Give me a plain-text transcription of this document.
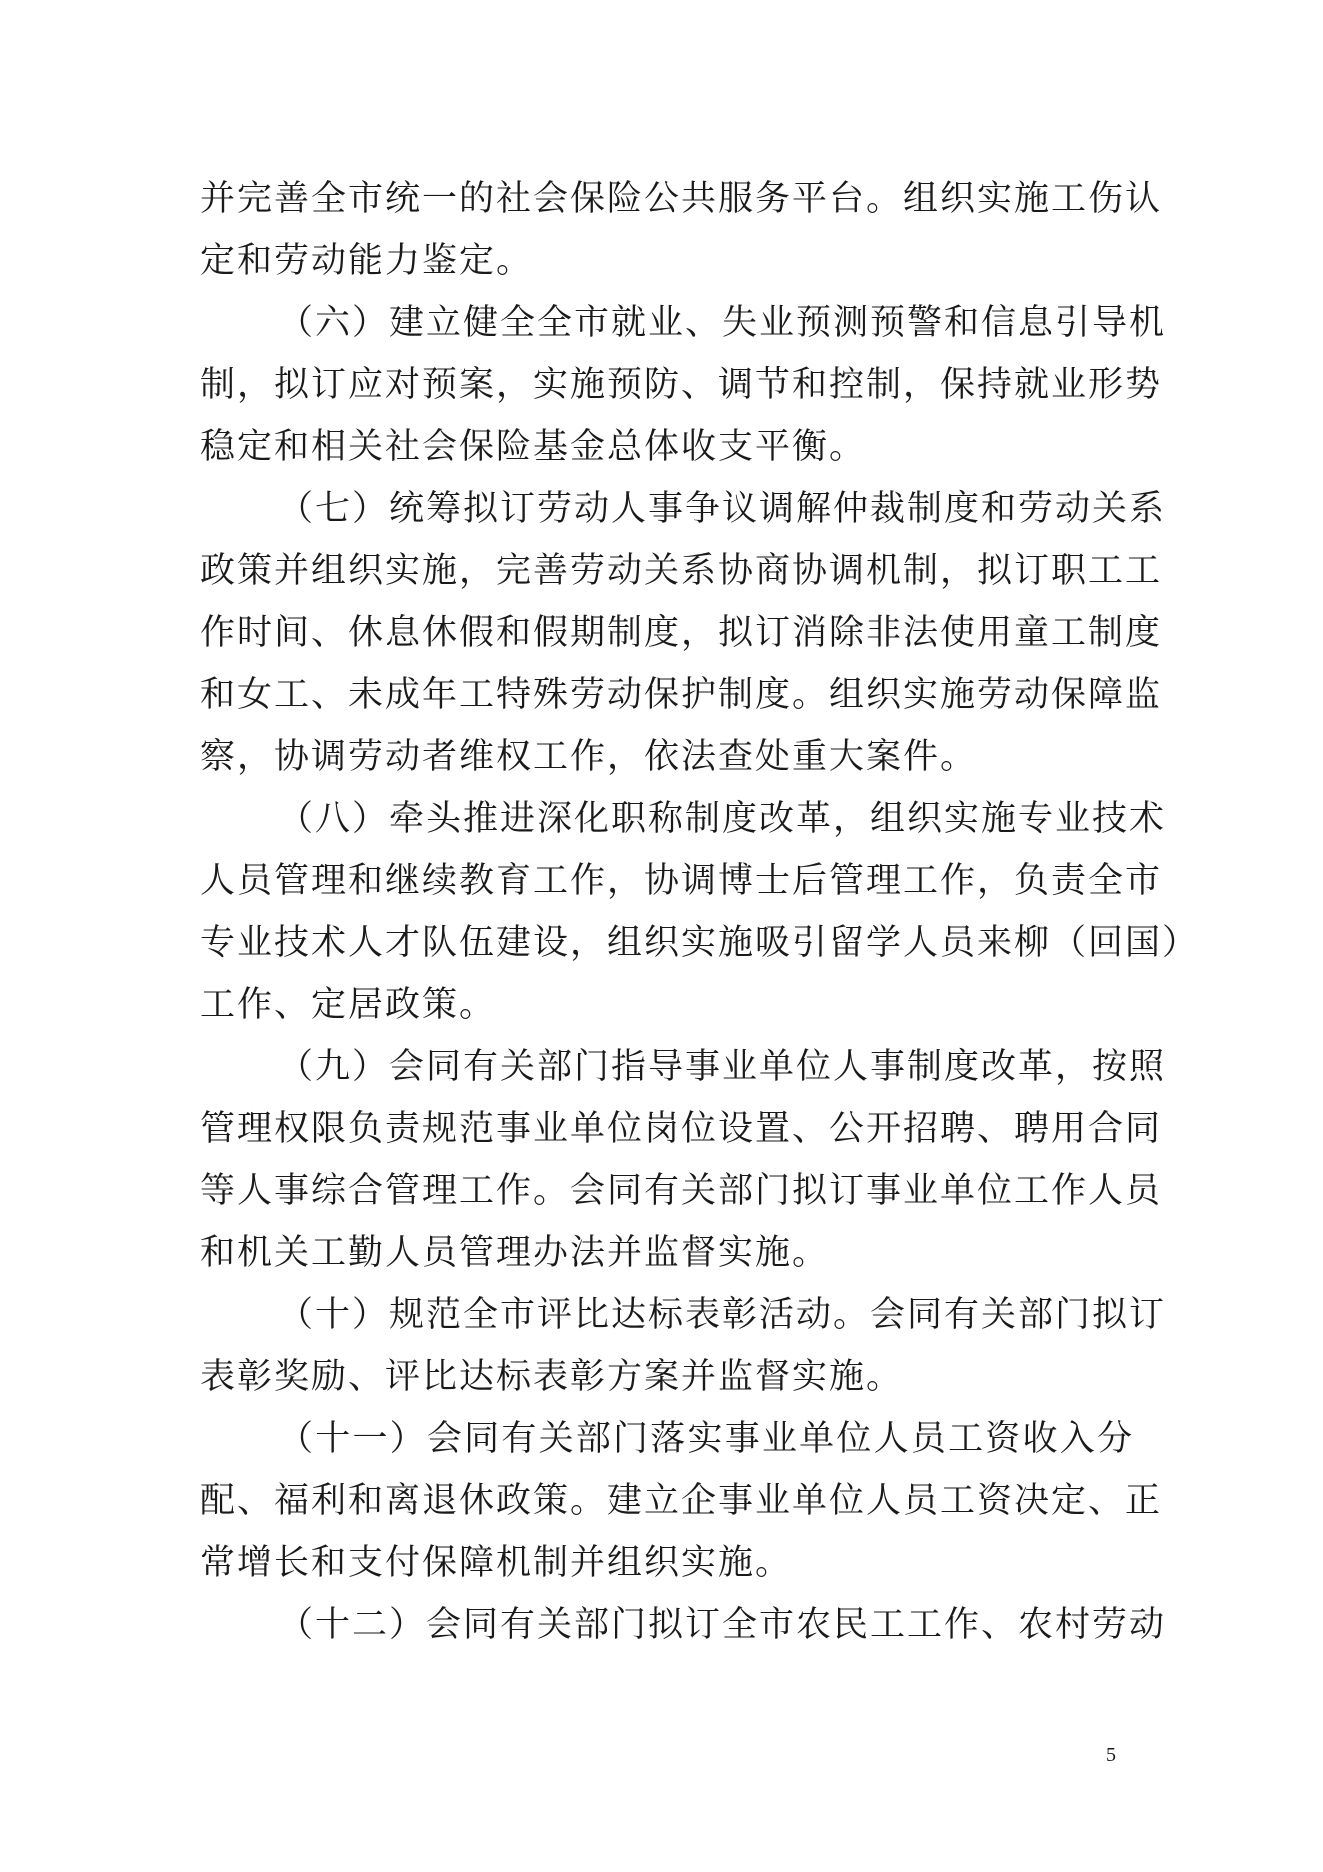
并完善全市统一的社会保险公共服务平台。组织实施工伤认
定和劳动能力鉴定。
（六）建立健全全市就业、失业预测预警和信息引导机
制，拟订应对预案，实施预防、调节和控制，保持就业形势
稳定和相关社会保险基金总体收支平衡。
（七）统筹拟订劳动人事争议调解仲裁制度和劳动关系
政策并组织实施，完善劳动关系协商协调机制，拟订职工工
作时间、休息休假和假期制度，拟订消除非法使用童工制度
和女工、未成年工特殊劳动保护制度。组织实施劳动保障监
察，协调劳动者维权工作，依法查处重大案件。
（八）牵头推进深化职称制度改革，组织实施专业技术
人员管理和继续教育工作，协调博士后管理工作，负责全市
专业技术人才队伍建设，组织实施吸引留学人员来柳（回国）
工作、定居政策。
（九）会同有关部门指导事业单位人事制度改革，按照
管理权限负责规范事业单位岗位设置、公开招聘、聘用合同
等人事综合管理工作。会同有关部门拟订事业单位工作人员
和机关工勤人员管理办法并监督实施。
（十）规范全市评比达标表彰活动。会同有关部门拟订
表彰奖励、评比达标表彰方案并监督实施。
（十一）会同有关部门落实事业单位人员工资收入分
配、福利和离退休政策。建立企事业单位人员工资决定、正
常增长和支付保障机制并组织实施。
（十二）会同有关部门拟订全市农民工工作、农村劳动
5
